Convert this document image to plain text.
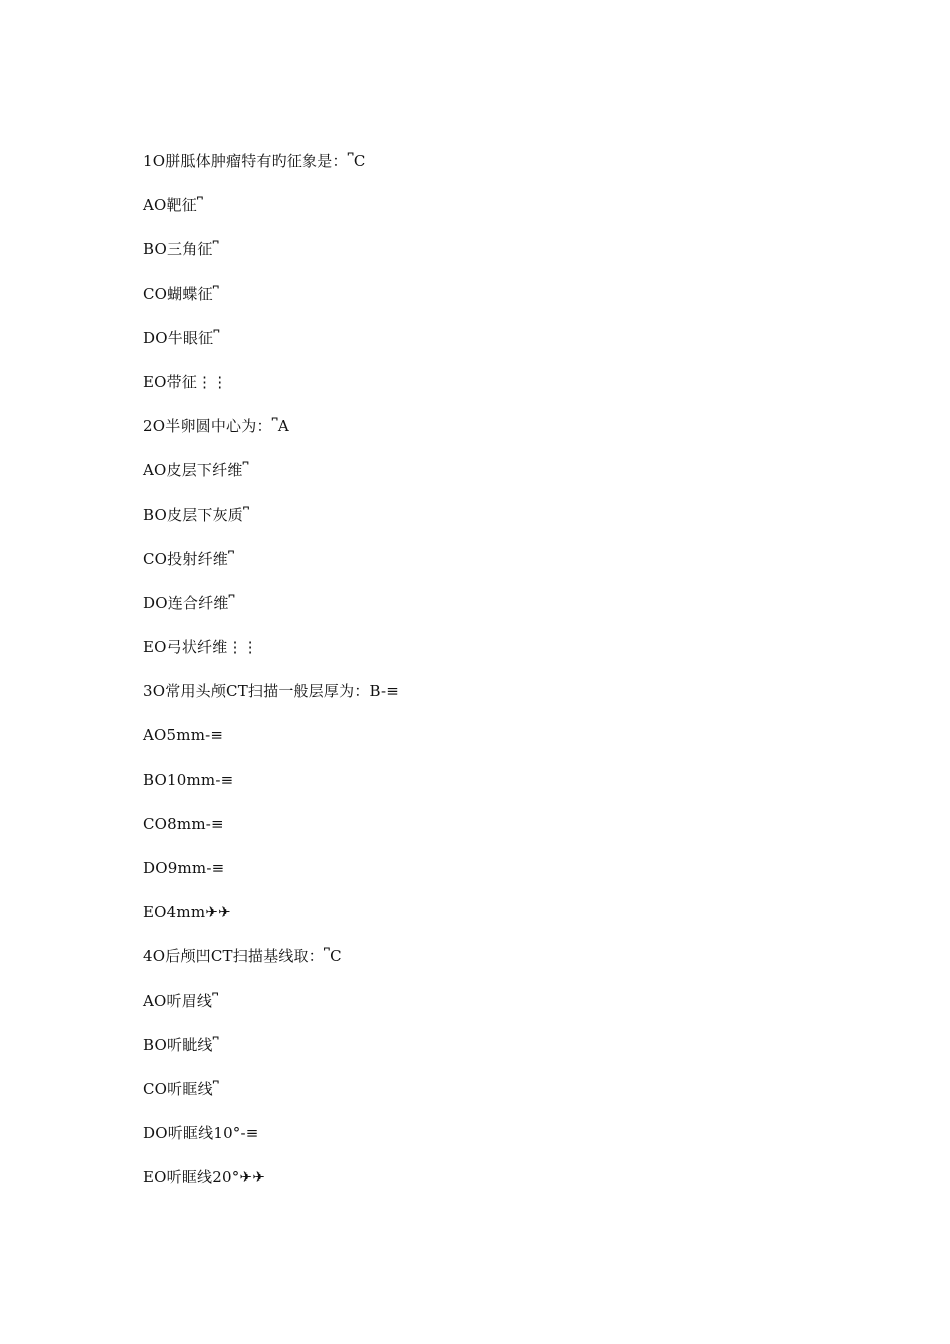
1O胼胝体肿瘤特有旳征象是：⎴C
AO靶征⎴
BO三角征⎴
CO蝴蝶征⎴
DO牛眼征⎴
EO带征⋮⋮
2O半卵圆中心为：⎴A
AO皮层下纤维⎴
BO皮层下灰质⎴
CO投射纤维⎴
DO连合纤维⎴
EO弓状纤维⋮⋮
3O常用头颅CT扫描一般层厚为：B-≡
AO5mm-≡
BO10mm-≡
CO8mm-≡
DO9mm-≡
EO4mm✈✈
4O后颅凹CT扫描基线取：⎴C
AO听眉线⎴
BO听眦线⎴
CO听眶线⎴
DO听眶线10°-≡
EO听眶线20°✈✈
